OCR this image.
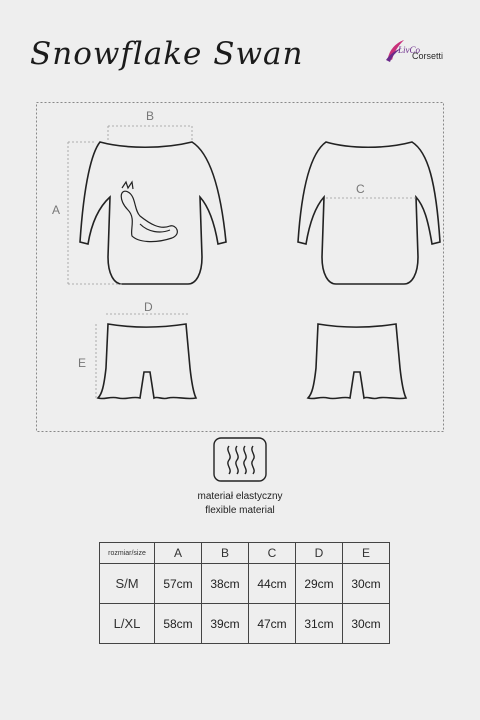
Snowflake Swan	LivCo
Corsetti
B
A
C
D
E
materiał elastyczny
flexible material
rozmiar/size	A	B	C	D	E
S/M	57cm	38cm	44cm	29cm	30cm
L/XL	58cm	39cm	47cm	31cm	30cm
